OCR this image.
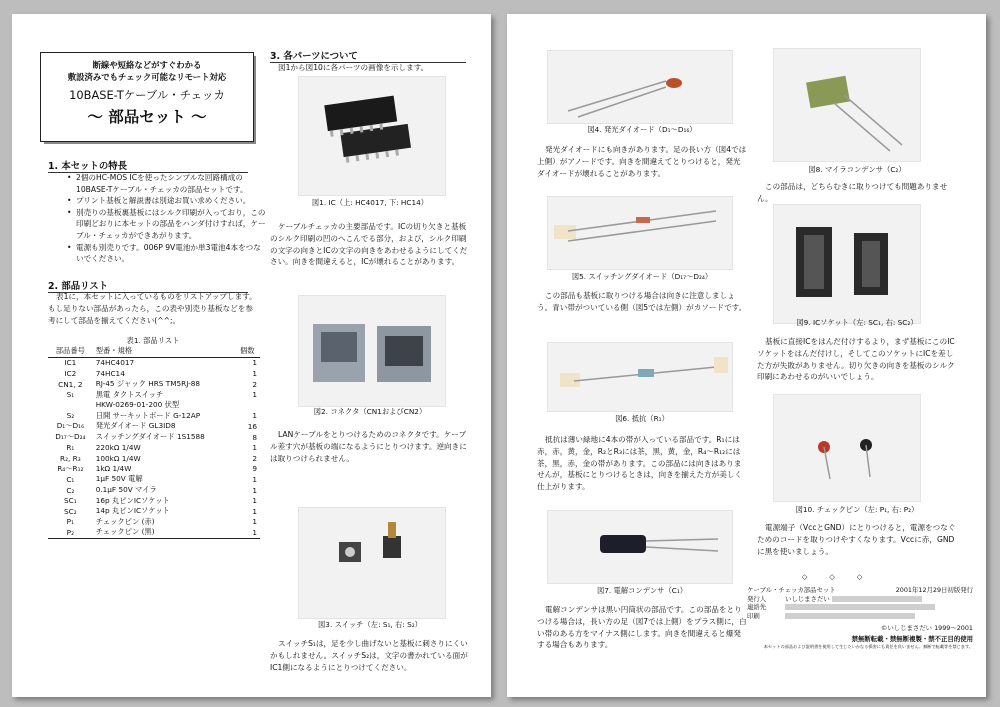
断線や短絡などがすぐわかる
敷設済みでもチェック可能なリモート対応
10BASE-Tケーブル・チェッカ
〜 部品セット 〜
1. 本セットの特長
• 2個のHC-MOS ICを使ったシンプルな回路構成の10BASE-Tケーブル・チェッカの部品セットです。
• プリント基板と解説書は別途お買い求めください。
• 別売りの基板裏基板にはシルク印刷が入っており，この印刷どおりに本セットの部品をハンダ付けすれば，ケーブル・チェッカができあがります。
• 電源も別売りです。006P 9V電池か単3電池4本をつないでください。
2. 部品リスト
表1に，本セットに入っているものをリストアップします。もし足りない部品があったら，この表や別売り基板などを参考にして部品を揃えてください(^^;。
表1. 部品リスト
部品番号	型番・規格	個数
IC1	74HC4017	1
IC2	74HC14	1
CN1, 2	RJ-45 ジャック HRS TM5RJ-88	2
S₁	黒電 タクトスイッチ	1
	HKW-0269-01-200 伏型	
S₂	日開 サーキットボード G-12AP	1
D₁〜D₁₆	発光ダイオード GL3ID8	16
D₁₇〜D₂₄	スイッチングダイオード 1S1588	8
R₁	220kΩ 1/4W	1
R₂, R₃	100kΩ 1/4W	2
R₄〜R₁₂	1kΩ 1/4W	9
C₁	1μF 50V 電解	1
C₂	0.1μF 50V マイラ	1
SC₁	16p 丸ピンICソケット	1
SC₂	14p 丸ピンICソケット	1
P₁	チェックピン (赤)	1
P₂	チェックピン (黒)	1
3. 各パーツについて
図1から図10に各パーツの画像を示します。
図1. IC（上: HC4017, 下: HC14）
ケーブルチェッカの主要部品です。ICの切り欠きと基板のシルク印刷の凹のへこんでる部分，および，シルク印刷の文字の向きとICの文字の向きをあわせるようにしてください。向きを間違えると，ICが壊れることがあります。
図2. コネクタ（CN1およびCN2）
LANケーブルをとりつけるためのコネクタです。ケーブル差す穴が基板の端になるようにとりつけます。逆向きには取りつけられません。
図3. スイッチ（左: S₁, 右: S₂）
スイッチS₁は，足を少し曲げないと基板に刺さりにくいかもしれません。スイッチS₂は，文字の書かれている面がIC1側になるようにとりつけてください。
図4. 発光ダイオード（D₁〜D₁₆）
発光ダイオードにも向きがあります。足の長い方（図4では上側）がアノードです。向きを間違えてとりつけると，発光ダイオードが壊れることがあります。
図5. スイッチングダイオード（D₁₇〜D₂₄）
この部品も基板に取りつける場合は向きに注意しましょう。青い帯がついている側（図5では左側）がカソードです。
図6. 抵抗（R₁）
抵抗は薄い緑地に4本の帯が入っている部品です。R₁には赤，赤，黄，金，R₂とR₃には茶，黒，黄，金，R₄〜R₁₂には茶，黒，赤，金の帯があります。この部品には向きはありませんが，基板にとりつけるときは，向きを揃えた方が美しく仕上がります。
図7. 電解コンデンサ（C₁）
電解コンデンサは黒い円筒状の部品です。この部品をとりつける場合は，長い方の足（図7では上側）をプラス側に，白い帯のある方をマイナス側にします。向きを間違えると爆発する場合もあります。
図8. マイラコンデンサ（C₂）
この部品は，どちらむきに取りつけても問題ありません。
図9. ICソケット（左: SC₁, 右: SC₂）
基板に直接ICをはんだ付けするより，まず基板にこのICソケットをはんだ付けし，そしてこのソケットにICを差した方が失敗がありません。切り欠きの向きを基板のシルク印刷にあわせるのがいいでしょう。
図10. チェックピン（左: P₁, 右: P₂）
電源端子（VccとGND）にとりつけると，電源をつなぐためのコードを取りつけやすくなります。Vccに赤，GNDに黒を使いましょう。
◇　　　◇　　　◇
ケーブル・チェッカ部品セット	2001年12月29日初版発行
発行人	いしじまさだい
連絡先
印刷
©いしじまさだい 1999〜2001
禁無断転載・禁無断複製・禁不正目的使用
本セットの部品および説明書を使用して生じたいかなる損害にも責任を負いません。無断で転載等を禁じます。
